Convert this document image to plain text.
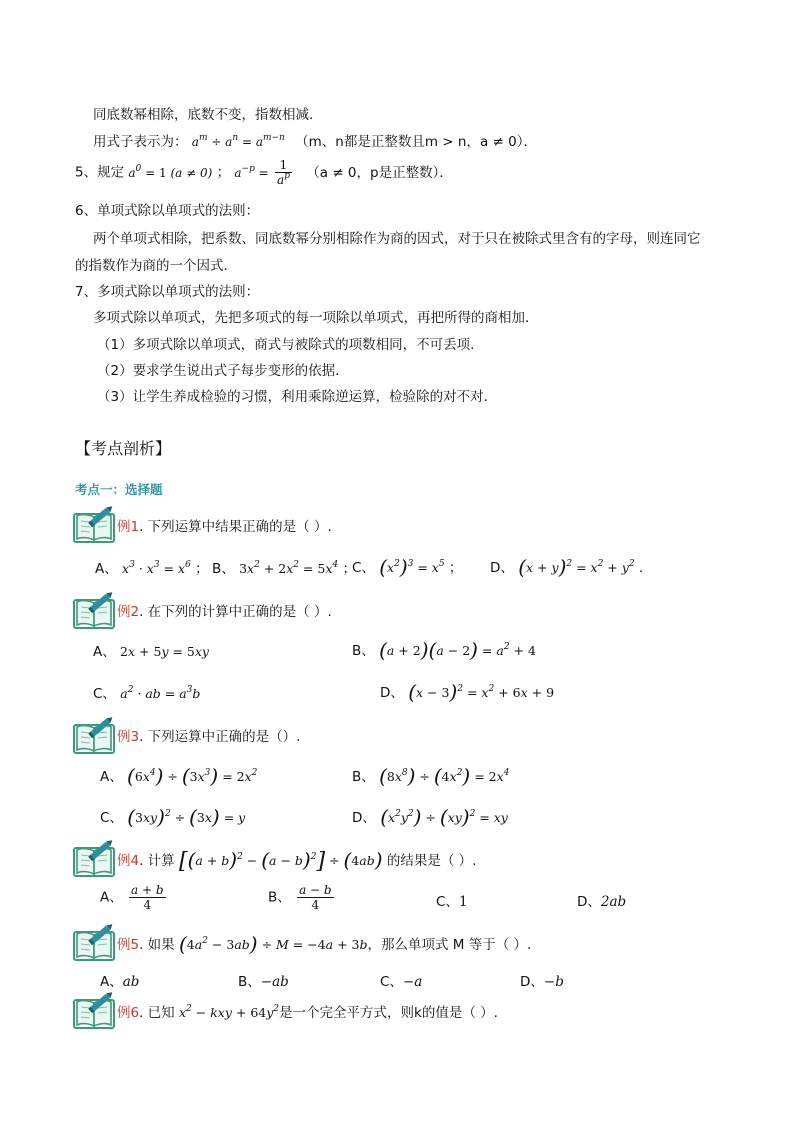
同底数幂相除，底数不变，指数相减．
用式子表示为： $a^m \div a^n = a^{m-n}$ （m、n都是正整数且m > n，a ≠ 0）．
5、规定 $a^0 = 1$ (a ≠ 0) ； $a^{-p} = \frac{1}{a^p} (a \ne 0$，p是正整数）．
6、单项式除以单项式的法则：
两个单项式相除，把系数、同底数幂分别相除作为商的因式，对于只在被除式里含有的字母，则连同它
的指数作为商的一个因式．
7、多项式除以单项式的法则：
多项式除以单项式，先把多项式的每一项除以单项式，再把所得的商相加．
（1）多项式除以单项式，商式与被除式的项数相同，不可丢项．
（2）要求学生说出式子每步变形的依据．
（3）让学生养成检验的习惯，利用乘除逆运算，检验除的对不对．
【考点剖析】
考点一：选择题
例1. 下列运算中结果正确的是（ ）.
A、 $x^3 \cdot x^3 = x^6$ ； B、 $3x^2 + 2x^2 = 5x^4$ ；
C、 $(x^2)^3 = x^5$ ； D、 $(x + y)^2 = x^2 + y^2$ .
例2. 在下列的计算中正确的是（ ）.
A、 2x + 5y = 5xy	B、 $(a + 2)(a - 2) = a^2 + 4$
C、 $a^2$ · ab = $a^3b$	D、 $(x - 3)^2 = x^2 + 6x + 9$
例3. 下列运算中正确的是（）.
A、 $(6x^4) \div (3x^3) = 2x^2$	B、 $(8x^8) \div (4x^2) = 2x^4$
C、 $(3xy)^2 \div (3x) = y$	D、 $(x^2y^2) \div (xy)^2$ = xy
例4. 计算 $[(a + b)^2 - (a - b)^2] \div (4ab)$ 的结果是（ ）.
A、 $\frac{a + b}{4}$	B、 $\frac{a - b}{4}$	C、1	D、2ab
例5. 如果 $(4a^2 - 3ab) \div M = -4a + 3b$，那么单项式 M 等于（ ）.
A、ab	B、−ab	C、−a	D、−b
例6. 已知 $x^2$ − kxy + $64y^2$是一个完全平方式，则k的值是（ ）.
